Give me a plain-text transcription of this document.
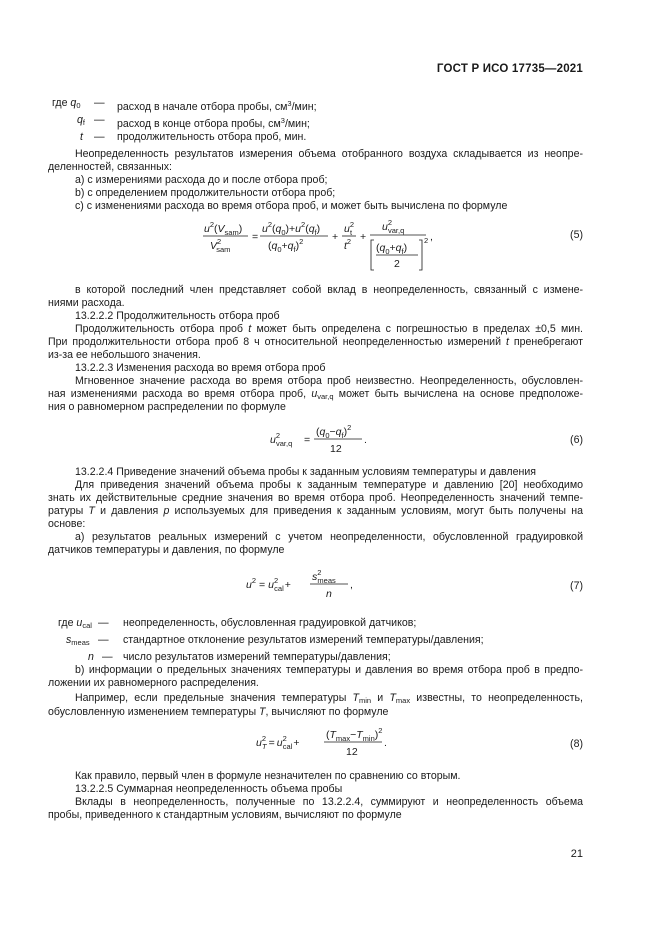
ГОСТ Р ИСО 17735—2021
где $q_0$ — расход в начале отбора пробы, $см^3$/мин;
$q_f$ — расход в конце отбора пробы, $см^3$/мин;
t — продолжительность отбора проб, мин.
Неопределенность результатов измерения объема отобранного воздуха складывается из неопре-
деленностей, связанных:
а) с измерениями расхода до и после отбора проб;
b) с определением продолжительности отбора проб;
с) с изменениями расхода во время отбора проб, и может быть вычислена по формуле
$u^2(V_{sam})$
$V^2$ sam
=
$u^2(q_0)+u^2(q_f)$
$(q_0+q_f)^2$	+
$u^2$ t
$t^2$ +
$u^2$ var,q
$(q_0+q_f)$
2
2 ,	(5)
в которой последний член представляет собой вклад в неопределенность, связанный с измене-
ниями расхода.
13.2.2.2 Продолжительность отбора проб
Продолжительность отбора проб t может быть определена с погрешностью в пределах ±0,5 мин.
При продолжительности отбора проб 8 ч относительной неопределенностью измерений t пренебрегают
из-за ее небольшого значения.
13.2.2.3 Изменения расхода во время отбора проб
Мгновенное значение расхода во время отбора проб неизвестно. Неопределенность, обусловлен-
ная изменениями расхода во время отбора проб, $u_{var,q}$ может быть вычислена на основе предположе-
ния о равномерном распределении по формуле
$u^2$ var,q =
$(q_0-q_f)^2$
12
.	(6)
13.2.2.4 Приведение значений объема пробы к заданным условиям температуры и давления
Для приведения значений объема пробы к заданным температуре и давлению [20] необходимо
знать их действительные средние значения во время отбора проб. Неопределенность значений темпе-
ратуры T и давления p используемых для приведения к заданным условиям, могут быть получены на
основе:
а) результатов реальных измерений с учетом неопределенности, обусловленной градуировкой
датчиков температуры и давления, по формуле
$u^2 = u^2$ cal+
$s^2$ meas
n
,	(7)
где $u_{cal}$ — неопределенность, обусловленная градуировкой датчиков;
$s_{meas}$ — стандартное отклонение результатов измерений температуры/давления;
n — число результатов измерений температуры/давления;
b) информации о предельных значениях температуры и давления во время отбора проб в предпо-
ложении их равномерного распределения.
Например, если предельные значения температуры $T_{min}$ и $T_{max}$ известны, то неопределенность,
обусловленную изменением температуры T, вычисляют по формуле
$u^2$ $T = u^2$ cal+
$(T_{max}-T_{min})^2$
12
.	(8)
Как правило, первый член в формуле незначителен по сравнению со вторым.
13.2.2.5 Суммарная неопределенность объема пробы
Вклады в неопределенность, полученные по 13.2.2.4, суммируют и неопределенность объема
пробы, приведенного к стандартным условиям, вычисляют по формуле
21
